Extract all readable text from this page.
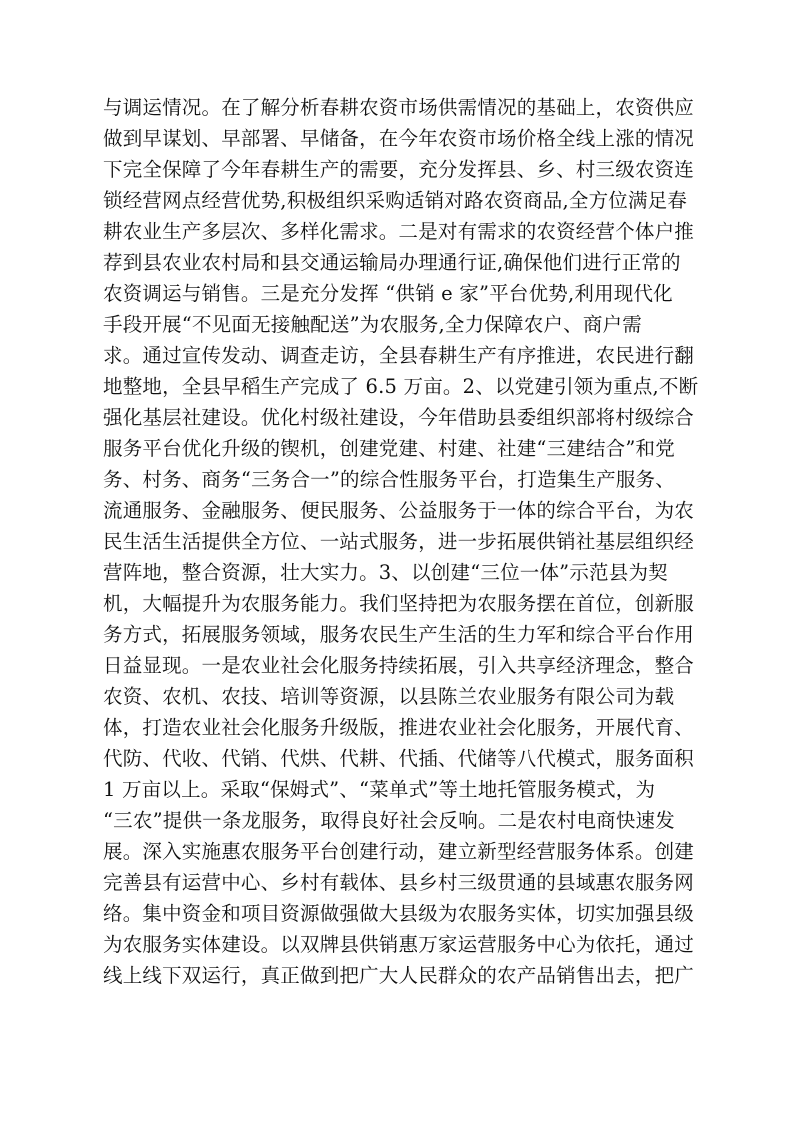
与调运情况。在了解分析春耕农资市场供需情况的基础上，农资供应
做到早谋划、早部署、早储备，在今年农资市场价格全线上涨的情况
下完全保障了今年春耕生产的需要，充分发挥县、乡、村三级农资连
锁经营网点经营优势,积极组织采购适销对路农资商品,全方位满足春
耕农业生产多层次、多样化需求。二是对有需求的农资经营个体户推
荐到县农业农村局和县交通运输局办理通行证,确保他们进行正常的
农资调运与销售。三是充分发挥 “供销 e 家”平台优势,利用现代化
手段开展“不见面无接触配送”为农服务,全力保障农户、商户需
求。通过宣传发动、调查走访，全县春耕生产有序推进，农民进行翻
地整地，全县早稻生产完成了 6.5 万亩。2、以党建引领为重点,不断
强化基层社建设。优化村级社建设，今年借助县委组织部将村级综合
服务平台优化升级的锲机，创建党建、村建、社建“三建结合”和党
务、村务、商务“三务合一”的综合性服务平台，打造集生产服务、
流通服务、金融服务、便民服务、公益服务于一体的综合平台，为农
民生活生活提供全方位、一站式服务，进一步拓展供销社基层组织经
营阵地，整合资源，壮大实力。3、以创建“三位一体”示范县为契
机，大幅提升为农服务能力。我们坚持把为农服务摆在首位，创新服
务方式，拓展服务领域，服务农民生产生活的生力军和综合平台作用
日益显现。一是农业社会化服务持续拓展，引入共享经济理念，整合
农资、农机、农技、培训等资源，以县陈兰农业服务有限公司为载
体，打造农业社会化服务升级版，推进农业社会化服务，开展代育、
代防、代收、代销、代烘、代耕、代插、代储等八代模式，服务面积
1 万亩以上。采取“保姆式”、“菜单式”等土地托管服务模式，为
“三农”提供一条龙服务，取得良好社会反响。二是农村电商快速发
展。深入实施惠农服务平台创建行动，建立新型经营服务体系。创建
完善县有运营中心、乡村有载体、县乡村三级贯通的县域惠农服务网
络。集中资金和项目资源做强做大县级为农服务实体，切实加强县级
为农服务实体建设。以双牌县供销惠万家运营服务中心为依托，通过
线上线下双运行，真正做到把广大人民群众的农产品销售出去，把广
